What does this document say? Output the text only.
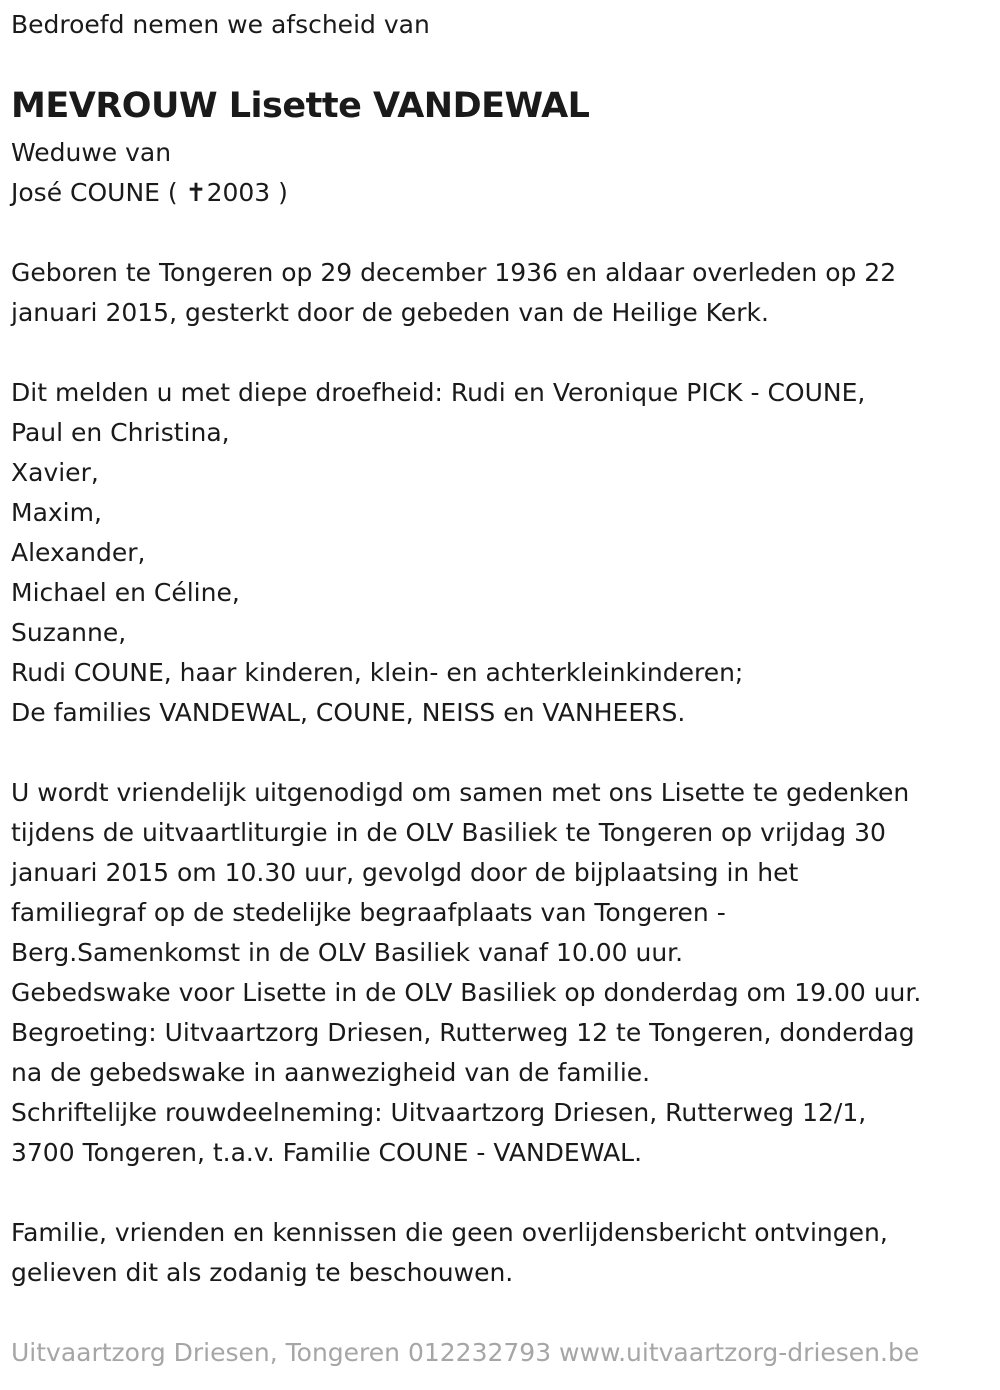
Bedroefd nemen we afscheid van
MEVROUW Lisette VANDEWAL
Weduwe van
José COUNE ( ✝2003 )
Geboren te Tongeren op 29 december 1936 en aldaar overleden op 22
januari 2015, gesterkt door de gebeden van de Heilige Kerk.
Dit melden u met diepe droefheid: Rudi en Veronique PICK - COUNE,
Paul en Christina,
Xavier,
Maxim,
Alexander,
Michael en Céline,
Suzanne,
Rudi COUNE, haar kinderen, klein- en achterkleinkinderen;
De families VANDEWAL, COUNE, NEISS en VANHEERS.
U wordt vriendelijk uitgenodigd om samen met ons Lisette te gedenken
tijdens de uitvaartliturgie in de OLV Basiliek te Tongeren op vrijdag 30
januari 2015 om 10.30 uur, gevolgd door de bijplaatsing in het
familiegraf op de stedelijke begraafplaats van Tongeren -
Berg.Samenkomst in de OLV Basiliek vanaf 10.00 uur.
Gebedswake voor Lisette in de OLV Basiliek op donderdag om 19.00 uur.
Begroeting: Uitvaartzorg Driesen, Rutterweg 12 te Tongeren, donderdag
na de gebedswake in aanwezigheid van de familie.
Schriftelijke rouwdeelneming: Uitvaartzorg Driesen, Rutterweg 12/1,
3700 Tongeren, t.a.v. Familie COUNE - VANDEWAL.
Familie, vrienden en kennissen die geen overlijdensbericht ontvingen,
gelieven dit als zodanig te beschouwen.
Uitvaartzorg Driesen, Tongeren 012232793 www.uitvaartzorg-driesen.be
